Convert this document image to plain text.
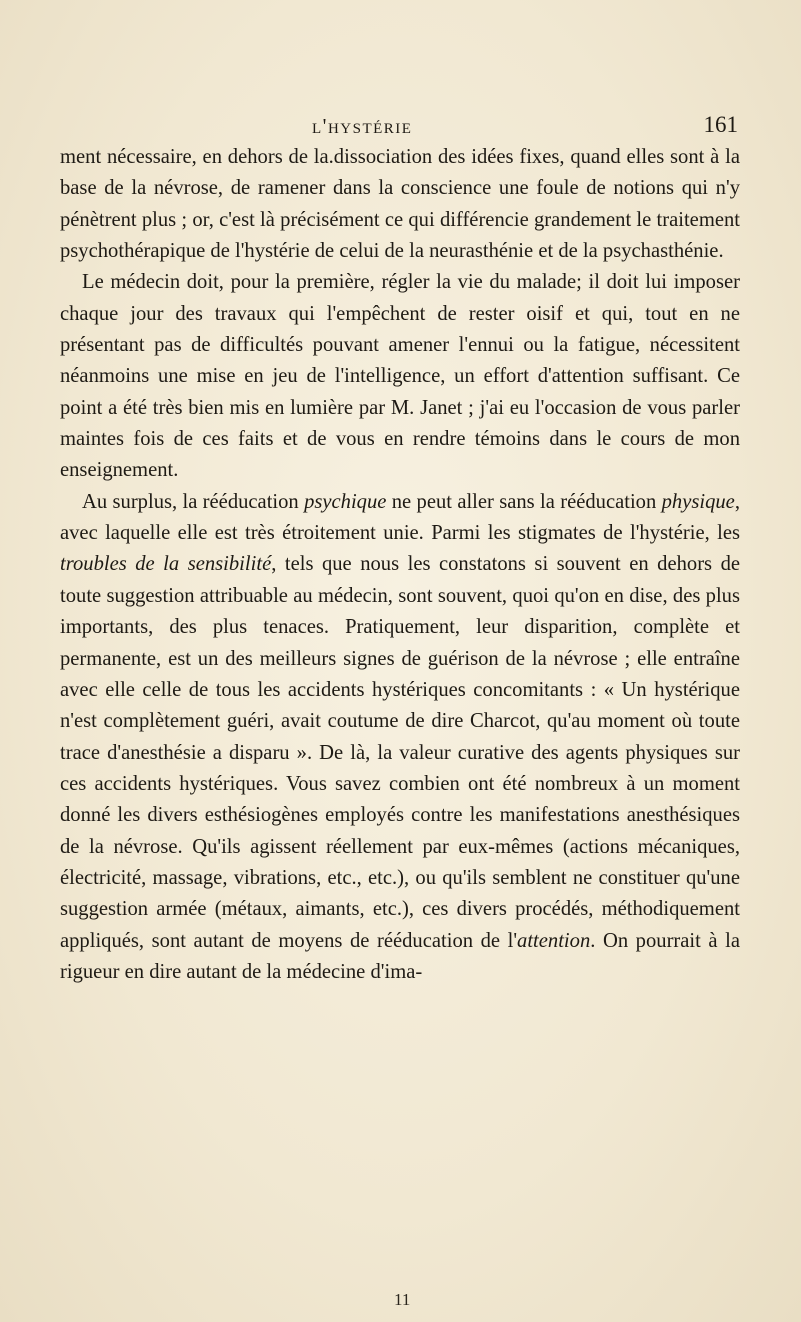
l'hystérie	161

ment nécessaire, en dehors de la.dissociation des idées fixes, quand elles sont à la base de la névrose, de ramener dans la conscience une foule de notions qui n'y pénètrent plus ; or, c'est là précisément ce qui différencie grandement le traitement psychothérapique de l'hystérie de celui de la neurasthénie et de la psychasthénie.

Le médecin doit, pour la première, régler la vie du malade; il doit lui imposer chaque jour des travaux qui l'empêchent de rester oisif et qui, tout en ne présentant pas de difficultés pouvant amener l'ennui ou la fatigue, nécessitent néanmoins une mise en jeu de l'intelligence, un effort d'attention suffisant. Ce point a été très bien mis en lumière par M. Janet ; j'ai eu l'occasion de vous parler maintes fois de ces faits et de vous en rendre témoins dans le cours de mon enseignement.

Au surplus, la rééducation psychique ne peut aller sans la rééducation physique, avec laquelle elle est très étroitement unie. Parmi les stigmates de l'hystérie, les troubles de la sensibilité, tels que nous les constatons si souvent en dehors de toute suggestion attribuable au médecin, sont souvent, quoi qu'on en dise, des plus importants, des plus tenaces. Pratiquement, leur disparition, complète et permanente, est un des meilleurs signes de guérison de la névrose ; elle entraîne avec elle celle de tous les accidents hystériques concomitants : « Un hystérique n'est complètement guéri, avait coutume de dire Charcot, qu'au moment où toute trace d'anesthésie a disparu ». De là, la valeur curative des agents physiques sur ces accidents hystériques. Vous savez combien ont été nombreux à un moment donné les divers esthésiogènes employés contre les manifestations anesthésiques de la névrose. Qu'ils agissent réellement par eux-mêmes (actions mécaniques, électricité, massage, vibrations, etc., etc.), ou qu'ils semblent ne constituer qu'une suggestion armée (métaux, aimants, etc.), ces divers procédés, méthodiquement appliqués, sont autant de moyens de rééducation de l'attention. On pourrait à la rigueur en dire autant de la médecine d'ima-

11
